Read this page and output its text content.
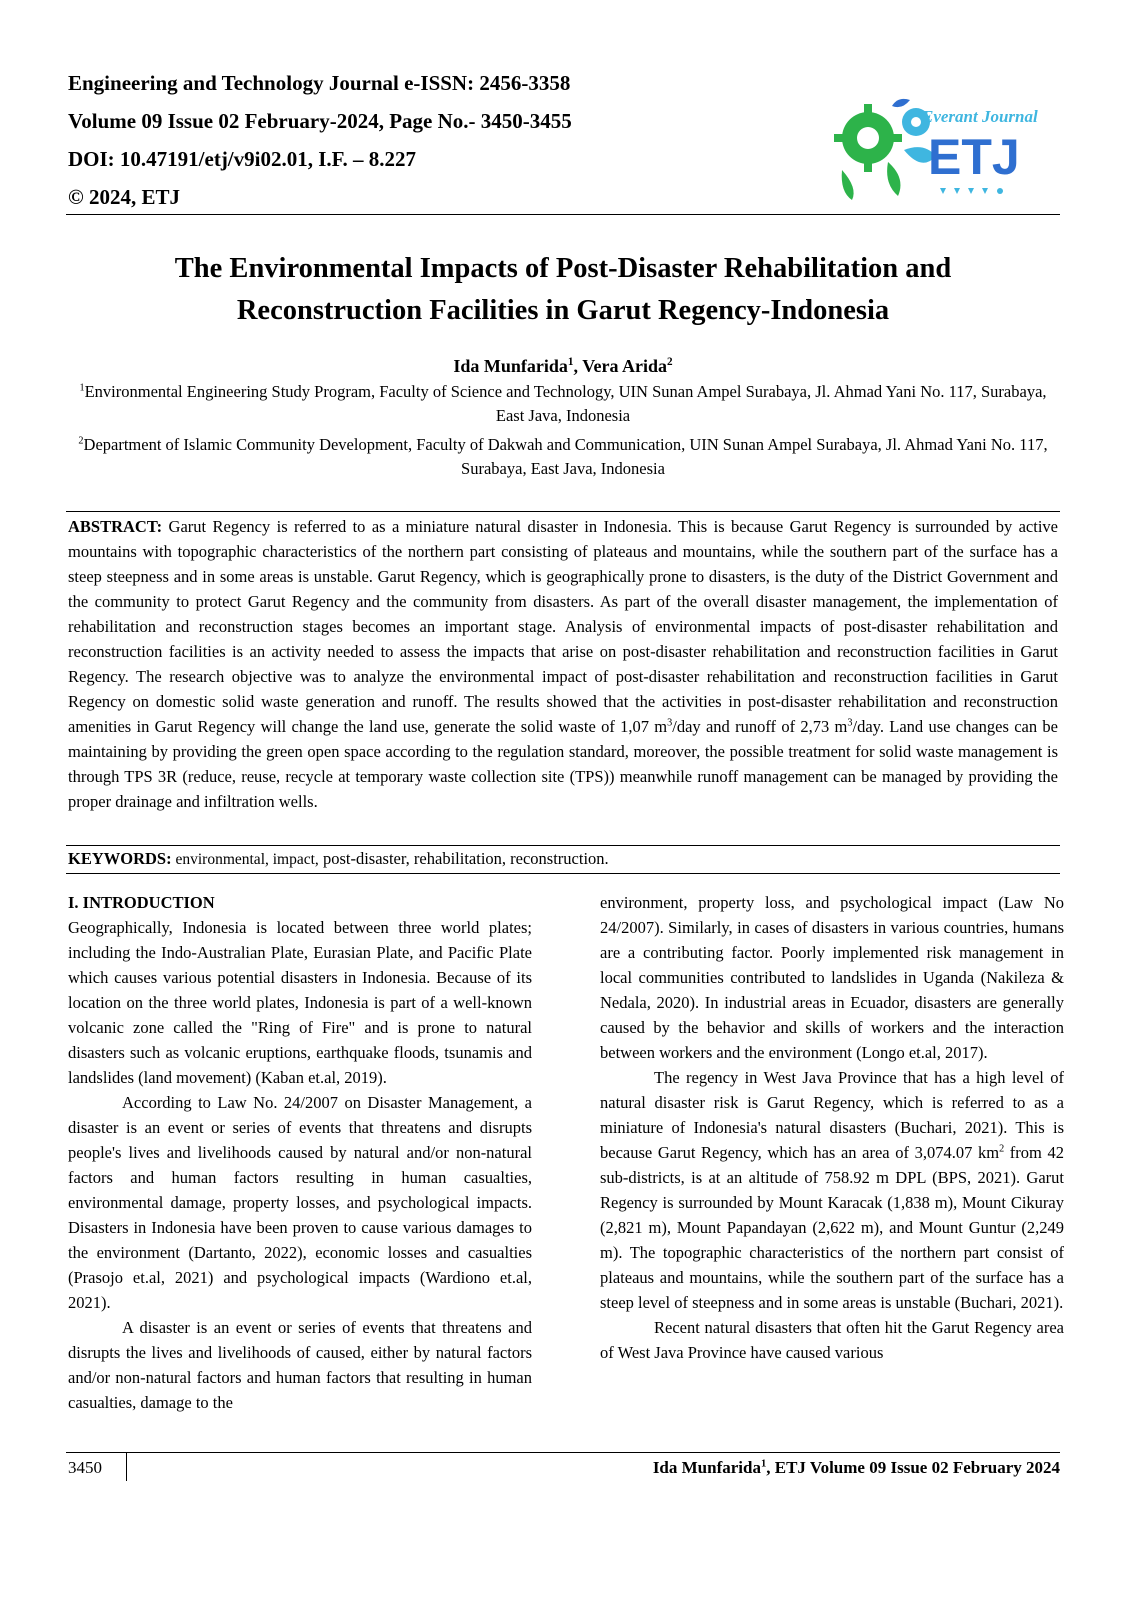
Engineering and Technology Journal e-ISSN: 2456-3358
Volume 09 Issue 02 February-2024, Page No.- 3450-3455
DOI: 10.47191/etj/v9i02.01, I.F. – 8.227
© 2024, ETJ
Everant Journal
ETJ
The Environmental Impacts of Post-Disaster Rehabilitation and
Reconstruction Facilities in Garut Regency-Indonesia
Ida Munfarida$^1$, Vera Arida$^2$
$^1$Environmental Engineering Study Program, Faculty of Science and Technology, UIN Sunan Ampel Surabaya, Jl. Ahmad Yani No. 117, Surabaya, East Java, Indonesia
$^2$Department of Islamic Community Development, Faculty of Dakwah and Communication, UIN Sunan Ampel Surabaya, Jl. Ahmad Yani No. 117, Surabaya, East Java, Indonesia
ABSTRACT: Garut Regency is referred to as a miniature natural disaster in Indonesia. This is because Garut Regency is surrounded by active mountains with topographic characteristics of the northern part consisting of plateaus and mountains, while the southern part of the surface has a steep steepness and in some areas is unstable. Garut Regency, which is geographically prone to disasters, is the duty of the District Government and the community to protect Garut Regency and the community from disasters. As part of the overall disaster management, the implementation of rehabilitation and reconstruction stages becomes an important stage. Analysis of environmental impacts of post-disaster rehabilitation and reconstruction facilities is an activity needed to assess the impacts that arise on post-disaster rehabilitation and reconstruction facilities in Garut Regency. The research objective was to analyze the environmental impact of post-disaster rehabilitation and reconstruction facilities in Garut Regency on domestic solid waste generation and runoff. The results showed that the activities in post-disaster rehabilitation and reconstruction amenities in Garut Regency will change the land use, generate the solid waste of 1,07 $m^3$/day and runoff of 2,73 $m^3$/day. Land use changes can be maintaining by providing the green open space according to the regulation standard, moreover, the possible treatment for solid waste management is through TPS 3R (reduce, reuse, recycle at temporary waste collection site (TPS)) meanwhile runoff management can be managed by providing the proper drainage and infiltration wells.
KEYWORDS: environmental, impact, post-disaster, rehabilitation, reconstruction.

I. INTRODUCTION

Geographically, Indonesia is located between three world plates; including the Indo-Australian Plate, Eurasian Plate, and Pacific Plate which causes various potential disasters in Indonesia. Because of its location on the three world plates, Indonesia is part of a well-known volcanic zone called the "Ring of Fire" and is prone to natural disasters such as volcanic eruptions, earthquake floods, tsunamis and landslides (land movement) (Kaban et.al, 2019).

According to Law No. 24/2007 on Disaster Management, a disaster is an event or series of events that threatens and disrupts people's lives and livelihoods caused by natural and/or non-natural factors and human factors resulting in human casualties, environmental damage, property losses, and psychological impacts. Disasters in Indonesia have been proven to cause various damages to the environment (Dartanto, 2022), economic losses and casualties (Prasojo et.al, 2021) and psychological impacts (Wardiono et.al, 2021).

A disaster is an event or series of events that threatens and disrupts the lives and livelihoods of caused, either by natural factors and/or non-natural factors and human factors that resulting in human casualties, damage to the

environment, property loss, and psychological impact (Law No 24/2007). Similarly, in cases of disasters in various countries, humans are a contributing factor. Poorly implemented risk management in local communities contributed to landslides in Uganda (Nakileza & Nedala, 2020). In industrial areas in Ecuador, disasters are generally caused by the behavior and skills of workers and the interaction between workers and the environment (Longo et.al, 2017).

The regency in West Java Province that has a high level of natural disaster risk is Garut Regency, which is referred to as a miniature of Indonesia's natural disasters (Buchari, 2021). This is because Garut Regency, which has an area of 3,074.07 $km^2$ from 42 sub-districts, is at an altitude of 758.92 m DPL (BPS, 2021). Garut Regency is surrounded by Mount Karacak (1,838 m), Mount Cikuray (2,821 m), Mount Papandayan (2,622 m), and Mount Guntur (2,249 m). The topographic characteristics of the northern part consist of plateaus and mountains, while the southern part of the surface has a steep level of steepness and in some areas is unstable (Buchari, 2021).

Recent natural disasters that often hit the Garut Regency area of West Java Province have caused various

3450	Ida Munfarida$^1$, ETJ Volume 09 Issue 02 February 2024
